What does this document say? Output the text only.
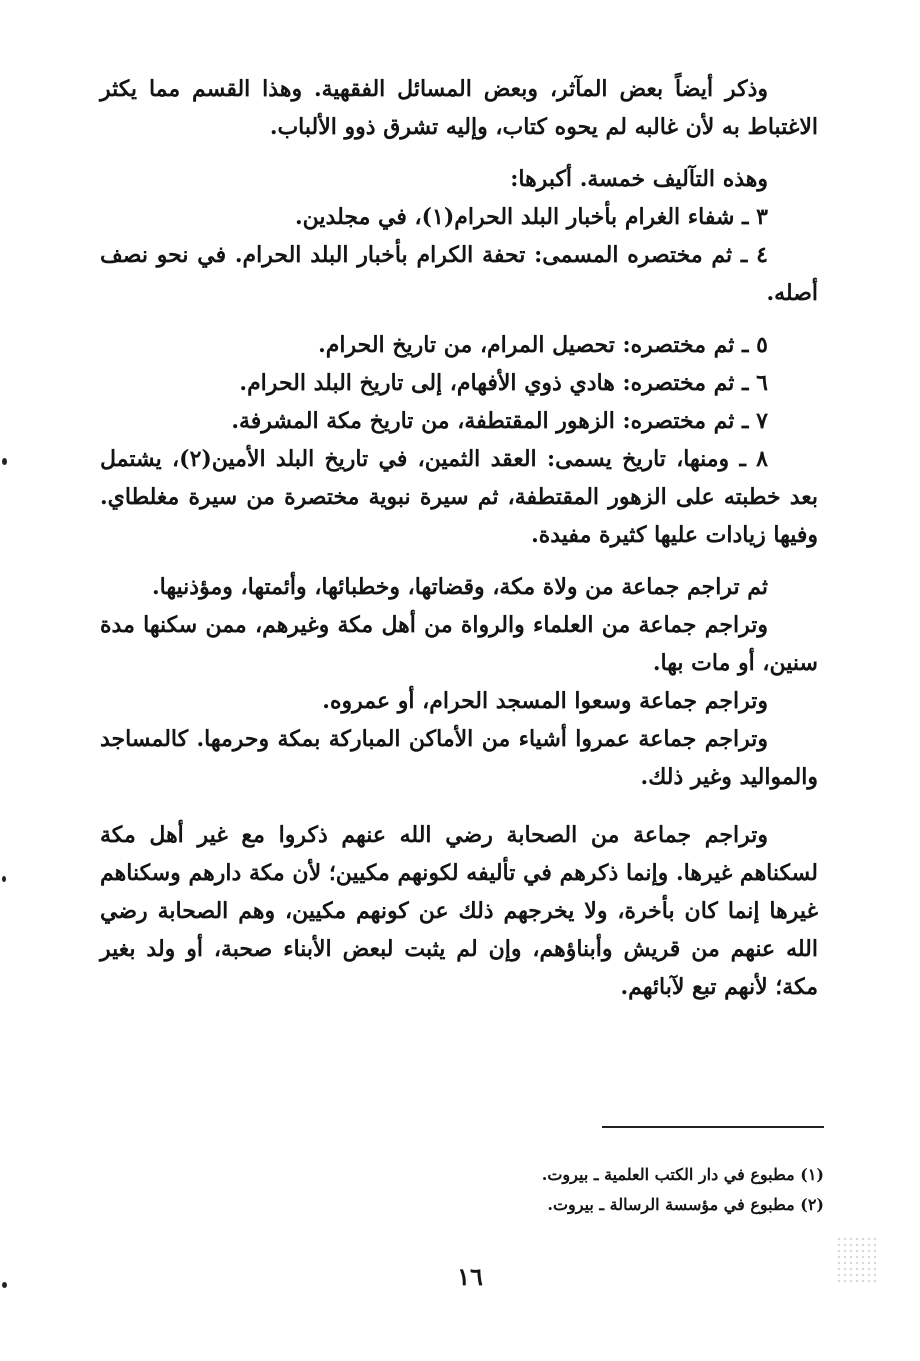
وذكر أيضاً بعض المآثر، وبعض المسائل الفقهية. وهذا القسم مما يكثر الاغتباط به لأن غالبه لم يحوه كتاب، وإليه تشرق ذوو الألباب.

وهذه التآليف خمسة. أكبرها:

٣ ـ شفاء الغرام بأخبار البلد الحرام(١)، في مجلدين.

٤ ـ ثم مختصره المسمى: تحفة الكرام بأخبار البلد الحرام. في نحو نصف أصله.

٥ ـ ثم مختصره: تحصيل المرام، من تاريخ الحرام.

٦ ـ ثم مختصره: هادي ذوي الأفهام، إلى تاريخ البلد الحرام.

٧ ـ ثم مختصره: الزهور المقتطفة، من تاريخ مكة المشرفة.

٨ ـ ومنها، تاريخ يسمى: العقد الثمين، في تاريخ البلد الأمين(٢)، يشتمل بعد خطبته على الزهور المقتطفة، ثم سيرة نبوية مختصرة من سيرة مغلطاي. وفيها زيادات عليها كثيرة مفيدة.

ثم تراجم جماعة من ولاة مكة، وقضاتها، وخطبائها، وأئمتها، ومؤذنيها.

وتراجم جماعة من العلماء والرواة من أهل مكة وغيرهم، ممن سكنها مدة سنين، أو مات بها.

وتراجم جماعة وسعوا المسجد الحرام، أو عمروه.

وتراجم جماعة عمروا أشياء من الأماكن المباركة بمكة وحرمها. كالمساجد والمواليد وغير ذلك.

وتراجم جماعة من الصحابة رضي الله عنهم ذكروا مع غير أهل مكة لسكناهم غيرها. وإنما ذكرهم في تأليفه لكونهم مكيين؛ لأن مكة دارهم وسكناهم غيرها إنما كان بأخرة، ولا يخرجهم ذلك عن كونهم مكيين، وهم الصحابة رضي الله عنهم من قريش وأبناؤهم، وإن لم يثبت لبعض الأبناء صحبة، أو ولد بغير مكة؛ لأنهم تبع لآبائهم.

(١) مطبوع في دار الكتب العلمية ـ بيروت.

(٢) مطبوع في مؤسسة الرسالة ـ بيروت.

١٦
